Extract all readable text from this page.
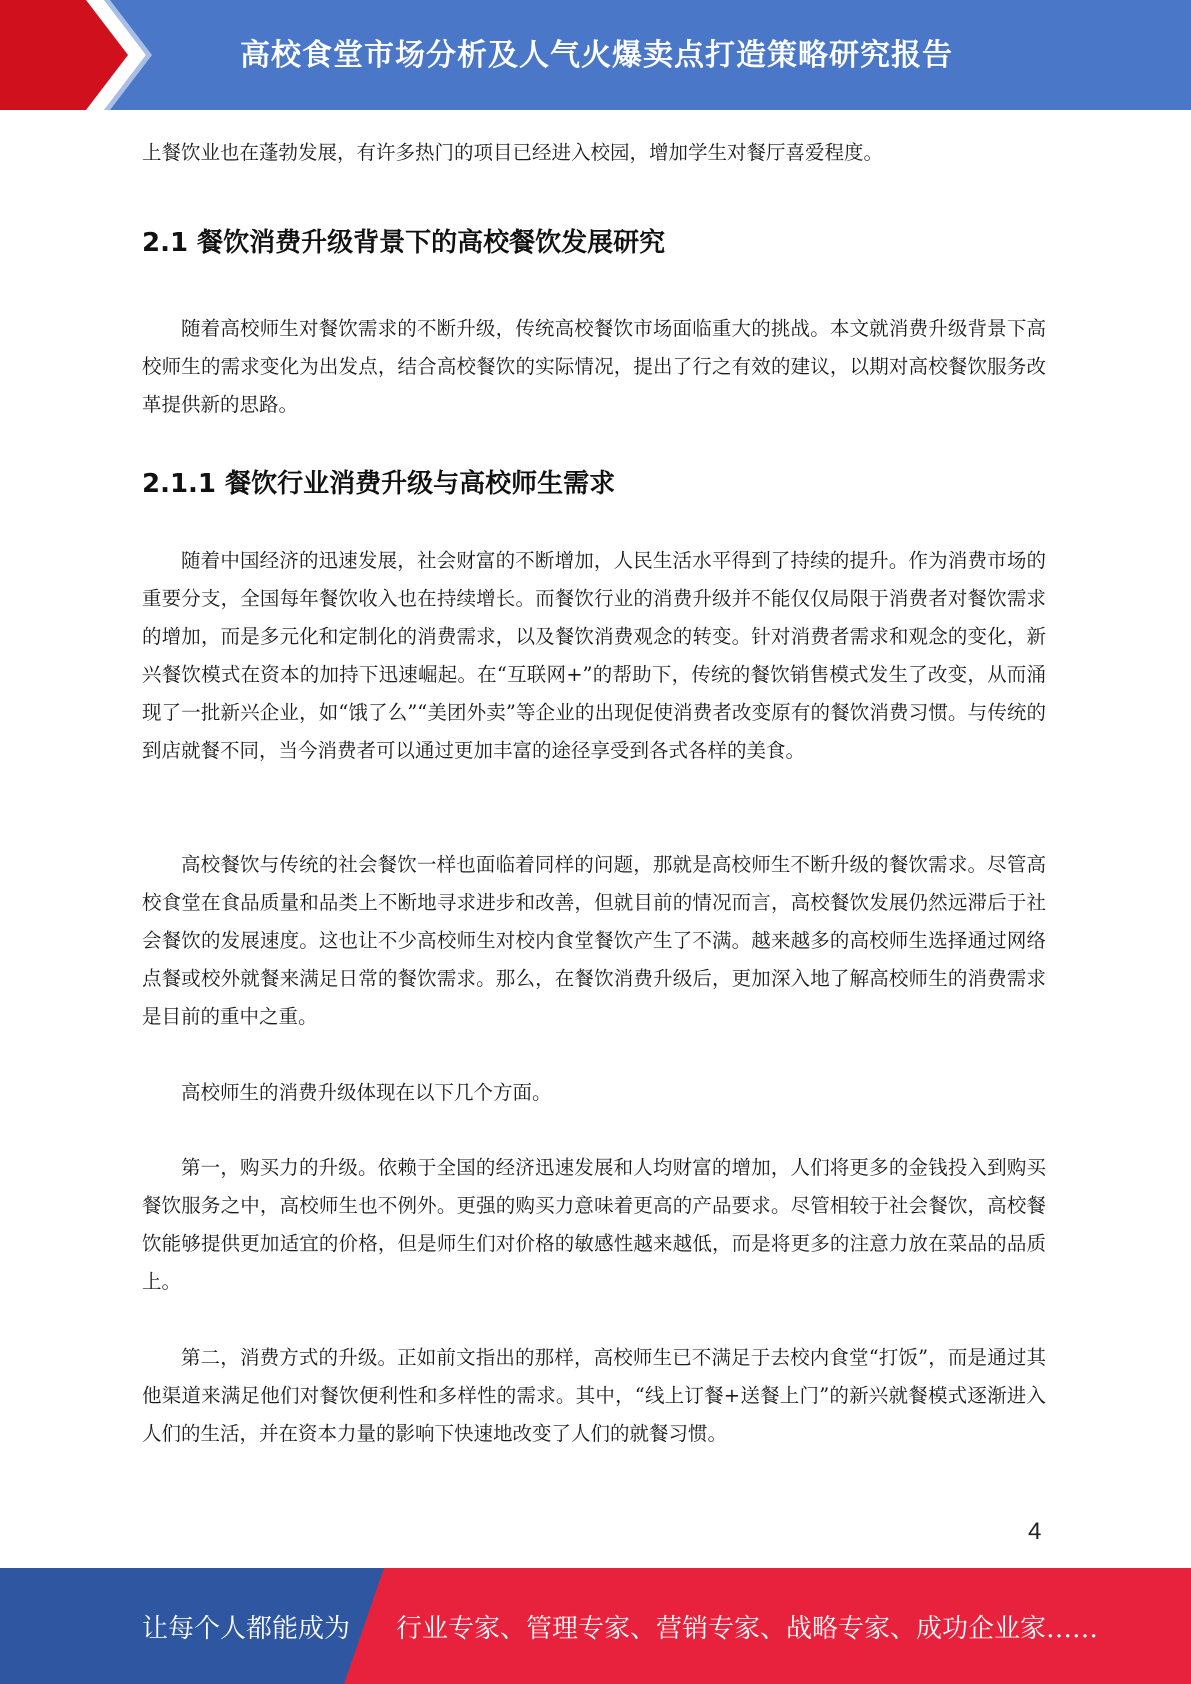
高校食堂市场分析及人气火爆卖点打造策略研究报告

上餐饮业也在蓬勃发展，有许多热门的项目已经进入校园，增加学生对餐厅喜爱程度。

2.1 餐饮消费升级背景下的高校餐饮发展研究

随着高校师生对餐饮需求的不断升级，传统高校餐饮市场面临重大的挑战。本文就消费升级背景下高校师生的需求变化为出发点，结合高校餐饮的实际情况，提出了行之有效的建议，以期对高校餐饮服务改革提供新的思路。

2.1.1 餐饮行业消费升级与高校师生需求

随着中国经济的迅速发展，社会财富的不断增加，人民生活水平得到了持续的提升。作为消费市场的重要分支，全国每年餐饮收入也在持续增长。而餐饮行业的消费升级并不能仅仅局限于消费者对餐饮需求的增加，而是多元化和定制化的消费需求，以及餐饮消费观念的转变。针对消费者需求和观念的变化，新兴餐饮模式在资本的加持下迅速崛起。在“互联网+”的帮助下，传统的餐饮销售模式发生了改变，从而涌现了一批新兴企业，如“饿了么”“美团外卖”等企业的出现促使消费者改变原有的餐饮消费习惯。与传统的到店就餐不同，当今消费者可以通过更加丰富的途径享受到各式各样的美食。

高校餐饮与传统的社会餐饮一样也面临着同样的问题，那就是高校师生不断升级的餐饮需求。尽管高校食堂在食品质量和品类上不断地寻求进步和改善，但就目前的情况而言，高校餐饮发展仍然远滞后于社会餐饮的发展速度。这也让不少高校师生对校内食堂餐饮产生了不满。越来越多的高校师生选择通过网络点餐或校外就餐来满足日常的餐饮需求。那么，在餐饮消费升级后，更加深入地了解高校师生的消费需求是目前的重中之重。

高校师生的消费升级体现在以下几个方面。

第一，购买力的升级。依赖于全国的经济迅速发展和人均财富的增加，人们将更多的金钱投入到购买餐饮服务之中，高校师生也不例外。更强的购买力意味着更高的产品要求。尽管相较于社会餐饮，高校餐饮能够提供更加适宜的价格，但是师生们对价格的敏感性越来越低，而是将更多的注意力放在菜品的品质上。

第二，消费方式的升级。正如前文指出的那样，高校师生已不满足于去校内食堂“打饭”，而是通过其他渠道来满足他们对餐饮便利性和多样性的需求。其中，“线上订餐+送餐上门”的新兴就餐模式逐渐进入人们的生活，并在资本力量的影响下快速地改变了人们的就餐习惯。

4
让每个人都能成为 行业专家、管理专家、营销专家、战略专家、成功企业家……
